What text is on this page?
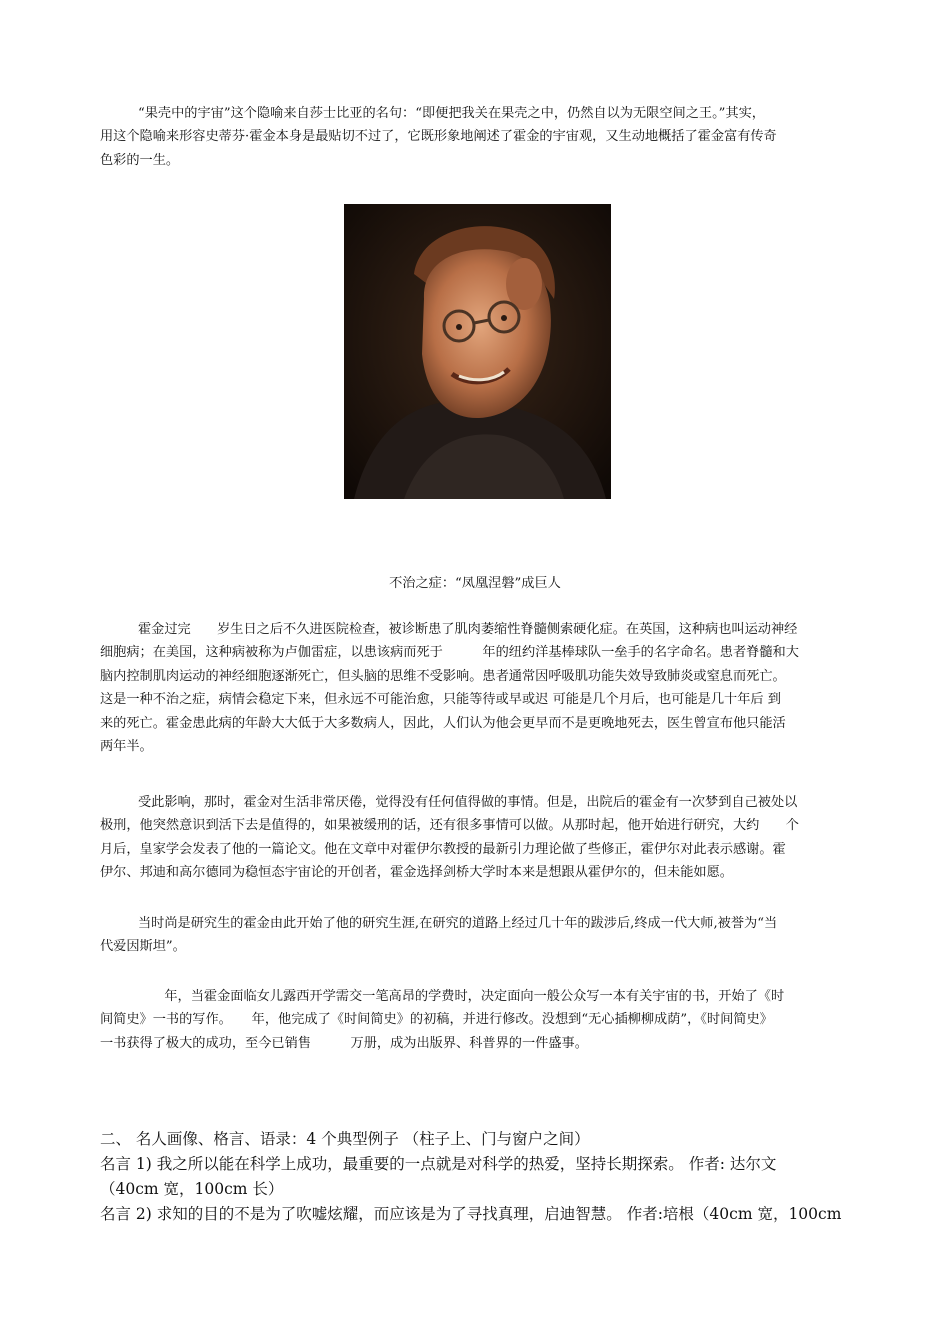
“果壳中的宇宙”这个隐喻来自莎士比亚的名句：“即便把我关在果壳之中，仍然自以为无限空间之王。”其实，
用这个隐喻来形容史蒂芬·霍金本身是最贴切不过了，它既形象地阐述了霍金的宇宙观，又生动地概括了霍金富有传奇
色彩的一生。
不治之症：“凤凰涅磐”成巨人
霍金过完　　岁生日之后不久进医院检查，被诊断患了肌肉萎缩性脊髓侧索硬化症。在英国，这种病也叫运动神经
细胞病；在美国，这种病被称为卢伽雷症，以患该病而死于　　　年的纽约洋基棒球队一垒手的名字命名。患者脊髓和大
脑内控制肌肉运动的神经细胞逐渐死亡，但头脑的思维不受影响。患者通常因呼吸肌功能失效导致肺炎或窒息而死亡。
这是一种不治之症，病情会稳定下来，但永远不可能治愈，只能等待或早或迟 可能是几个月后，也可能是几十年后 到
来的死亡。霍金患此病的年龄大大低于大多数病人，因此，人们认为他会更早而不是更晚地死去，医生曾宣布他只能活
两年半。
受此影响，那时，霍金对生活非常厌倦，觉得没有任何值得做的事情。但是，出院后的霍金有一次梦到自己被处以
极刑，他突然意识到活下去是值得的，如果被缓刑的话，还有很多事情可以做。从那时起，他开始进行研究，大约　　个
月后，皇家学会发表了他的一篇论文。他在文章中对霍伊尔教授的最新引力理论做了些修正，霍伊尔对此表示感谢。霍
伊尔、邦迪和高尔德同为稳恒态宇宙论的开创者，霍金选择剑桥大学时本来是想跟从霍伊尔的，但未能如愿。
当时尚是研究生的霍金由此开始了他的研究生涯,在研究的道路上经过几十年的跋涉后,终成一代大师,被誉为“当
代爱因斯坦”。
　　年，当霍金面临女儿露西开学需交一笔高昂的学费时，决定面向一般公众写一本有关宇宙的书，开始了《时
间简史》一书的写作。　　年，他完成了《时间简史》的初稿，并进行修改。没想到“无心插柳柳成荫”，《时间简史》
一书获得了极大的成功，至今已销售　　　万册，成为出版界、科普界的一件盛事。
二、 名人画像、格言、语录：4 个典型例子 （柱子上、门与窗户之间）
名言 1) 我之所以能在科学上成功，最重要的一点就是对科学的热爱，坚持长期探索。 作者: 达尔文
（40cm 宽，100cm 长）
名言 2) 求知的目的不是为了吹嘘炫耀，而应该是为了寻找真理，启迪智慧。 作者:培根（40cm 宽，100cm
